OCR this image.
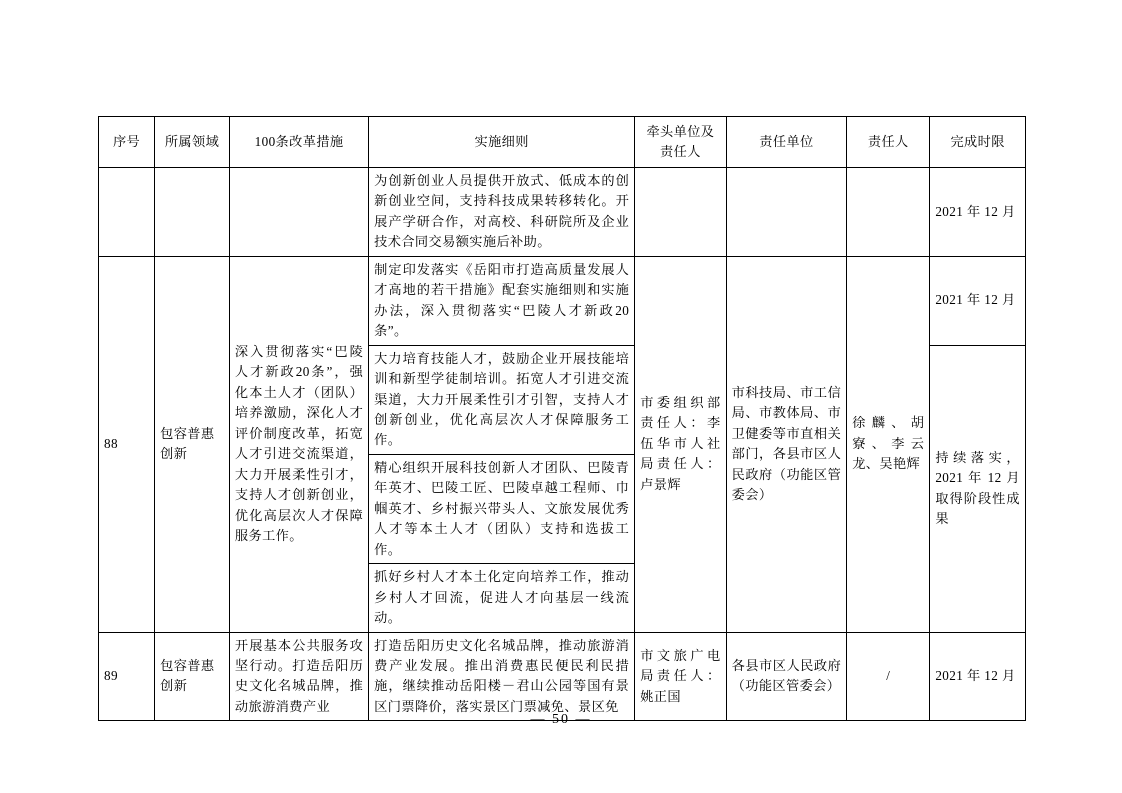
序号	所属领域	100条改革措施	实施细则	牵头单位及责任人	责任单位	责任人	完成时限
			为创新创业人员提供开放式、低成本的创新创业空间，支持科技成果转移转化。开展产学研合作，对高校、科研院所及企业技术合同交易额实施后补助。				2021 年 12 月
88	包容普惠创新	深入贯彻落实“巴陵人才新政20条”，强化本土人才（团队）培养激励，深化人才评价制度改革，拓宽人才引进交流渠道，大力开展柔性引才，支持人才创新创业，优化高层次人才保障服务工作。	制定印发落实《岳阳市打造高质量发展人才高地的若干措施》配套实施细则和实施办法，深入贯彻落实“巴陵人才新政20条”。	市委组织部责任人：李伍华市人社局责任人：卢景辉	市科技局、市工信局、市教体局、市卫健委等市直相关部门，各县市区人民政府（功能区管委会）	徐麟、胡寮、李云龙、吴艳辉	2021 年 12 月
			大力培育技能人才，鼓励企业开展技能培训和新型学徒制培训。拓宽人才引进交流渠道，大力开展柔性引才引智，支持人才创新创业，优化高层次人才保障服务工作。				持续落实，2021 年 12 月取得阶段性成果
			精心组织开展科技创新人才团队、巴陵青年英才、巴陵工匠、巴陵卓越工程师、巾帼英才、乡村振兴带头人、文旅发展优秀人才等本土人才（团队）支持和选拔工作。				
			抓好乡村人才本土化定向培养工作，推动乡村人才回流，促进人才向基层一线流动。				
89	包容普惠创新	开展基本公共服务攻坚行动。打造岳阳历史文化名城品牌，推动旅游消费产业	打造岳阳历史文化名城品牌，推动旅游消费产业发展。推出消费惠民便民利民措施，继续推动岳阳楼－君山公园等国有景区门票降价，落实景区门票减免、景区免	市文旅广电局责任人：姚正国	各县市区人民政府（功能区管委会）	/	2021 年 12 月
— 50 —
